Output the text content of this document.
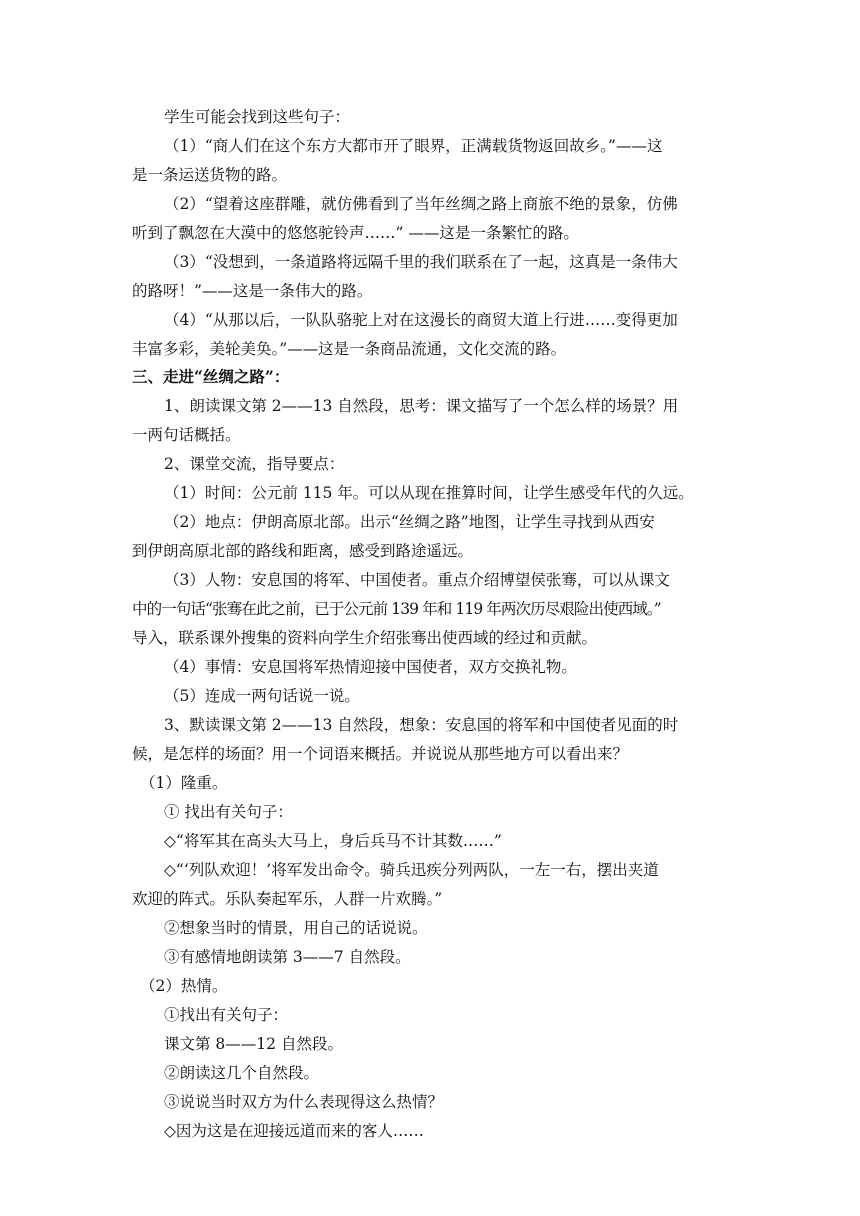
学生可能会找到这些句子：
（1）“商人们在这个东方大都市开了眼界，正满载货物返回故乡。”——这
是一条运送货物的路。
（2）“望着这座群雕，就仿佛看到了当年丝绸之路上商旅不绝的景象，仿佛
听到了飘忽在大漠中的悠悠驼铃声……” ——这是一条繁忙的路。
（3）“没想到，一条道路将远隔千里的我们联系在了一起，这真是一条伟大
的路呀！”——这是一条伟大的路。
（4）“从那以后，一队队骆驼上对在这漫长的商贸大道上行进……变得更加
丰富多彩，美轮美奂。”——这是一条商品流通，文化交流的路。
三、走进“丝绸之路”：
1、朗读课文第 2——13 自然段，思考：课文描写了一个怎么样的场景？用
一两句话概括。
2、课堂交流，指导要点：
（1）时间：公元前 115 年。可以从现在推算时间，让学生感受年代的久远。
（2）地点：伊朗高原北部。出示“丝绸之路”地图，让学生寻找到从西安
到伊朗高原北部的路线和距离，感受到路途遥远。
（3）人物：安息国的将军、中国使者。重点介绍博望侯张骞，可以从课文
中的一句话“张骞在此之前，已于公元前 139 年和 119 年两次历尽艰险出使西域。”
导入，联系课外搜集的资料向学生介绍张骞出使西域的经过和贡献。
（4）事情：安息国将军热情迎接中国使者，双方交换礼物。
（5）连成一两句话说一说。
3、默读课文第 2——13 自然段，想象：安息国的将军和中国使者见面的时
候，是怎样的场面？用一个词语来概括。并说说从那些地方可以看出来？
（1）隆重。
① 找出有关句子：
◇“将军其在高头大马上，身后兵马不计其数……”
◇“‘列队欢迎！’将军发出命令。骑兵迅疾分列两队，一左一右，摆出夹道
欢迎的阵式。乐队奏起军乐，人群一片欢腾。”
②想象当时的情景，用自己的话说说。
③有感情地朗读第 3——7 自然段。
（2）热情。
①找出有关句子：
课文第 8——12 自然段。
②朗读这几个自然段。
③说说当时双方为什么表现得这么热情？
◇因为这是在迎接远道而来的客人……
